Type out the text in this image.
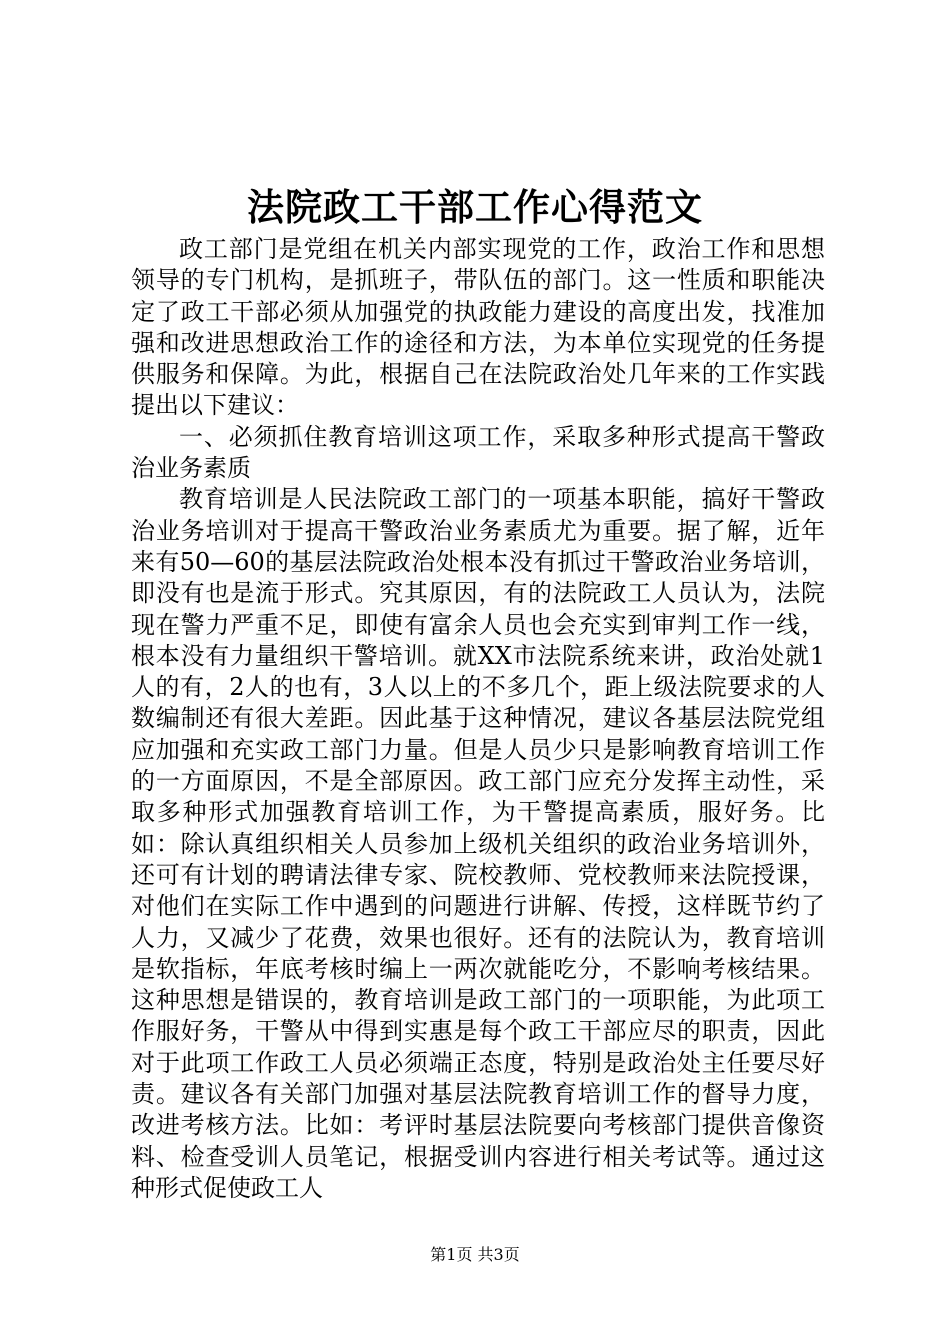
法院政工干部工作心得范文

政工部门是党组在机关内部实现党的工作，政治工作和思想领导的专门机构，是抓班子，带队伍的部门。这一性质和职能决定了政工干部必须从加强党的执政能力建设的高度出发，找准加强和改进思想政治工作的途径和方法，为本单位实现党的任务提供服务和保障。为此，根据自己在法院政治处几年来的工作实践提出以下建议：

一、必须抓住教育培训这项工作，采取多种形式提高干警政治业务素质

教育培训是人民法院政工部门的一项基本职能，搞好干警政治业务培训对于提高干警政治业务素质尤为重要。据了解，近年来有50—60的基层法院政治处根本没有抓过干警政治业务培训，即没有也是流于形式。究其原因，有的法院政工人员认为，法院现在警力严重不足，即使有富余人员也会充实到审判工作一线，根本没有力量组织干警培训。就XX市法院系统来讲，政治处就1人的有，2人的也有，3人以上的不多几个，距上级法院要求的人数编制还有很大差距。因此基于这种情况，建议各基层法院党组应加强和充实政工部门力量。但是人员少只是影响教育培训工作的一方面原因，不是全部原因。政工部门应充分发挥主动性，采取多种形式加强教育培训工作，为干警提高素质，服好务。比如：除认真组织相关人员参加上级机关组织的政治业务培训外，还可有计划的聘请法律专家、院校教师、党校教师来法院授课，对他们在实际工作中遇到的问题进行讲解、传授，这样既节约了人力，又减少了花费，效果也很好。还有的法院认为，教育培训是软指标，年底考核时编上一两次就能吃分，不影响考核结果。这种思想是错误的，教育培训是政工部门的一项职能，为此项工作服好务，干警从中得到实惠是每个政工干部应尽的职责，因此对于此项工作政工人员必须端正态度，特别是政治处主任要尽好责。建议各有关部门加强对基层法院教育培训工作的督导力度，改进考核方法。比如：考评时基层法院要向考核部门提供音像资料、检查受训人员笔记，根据受训内容进行相关考试等。通过这种形式促使政工人

第1页 共3页
